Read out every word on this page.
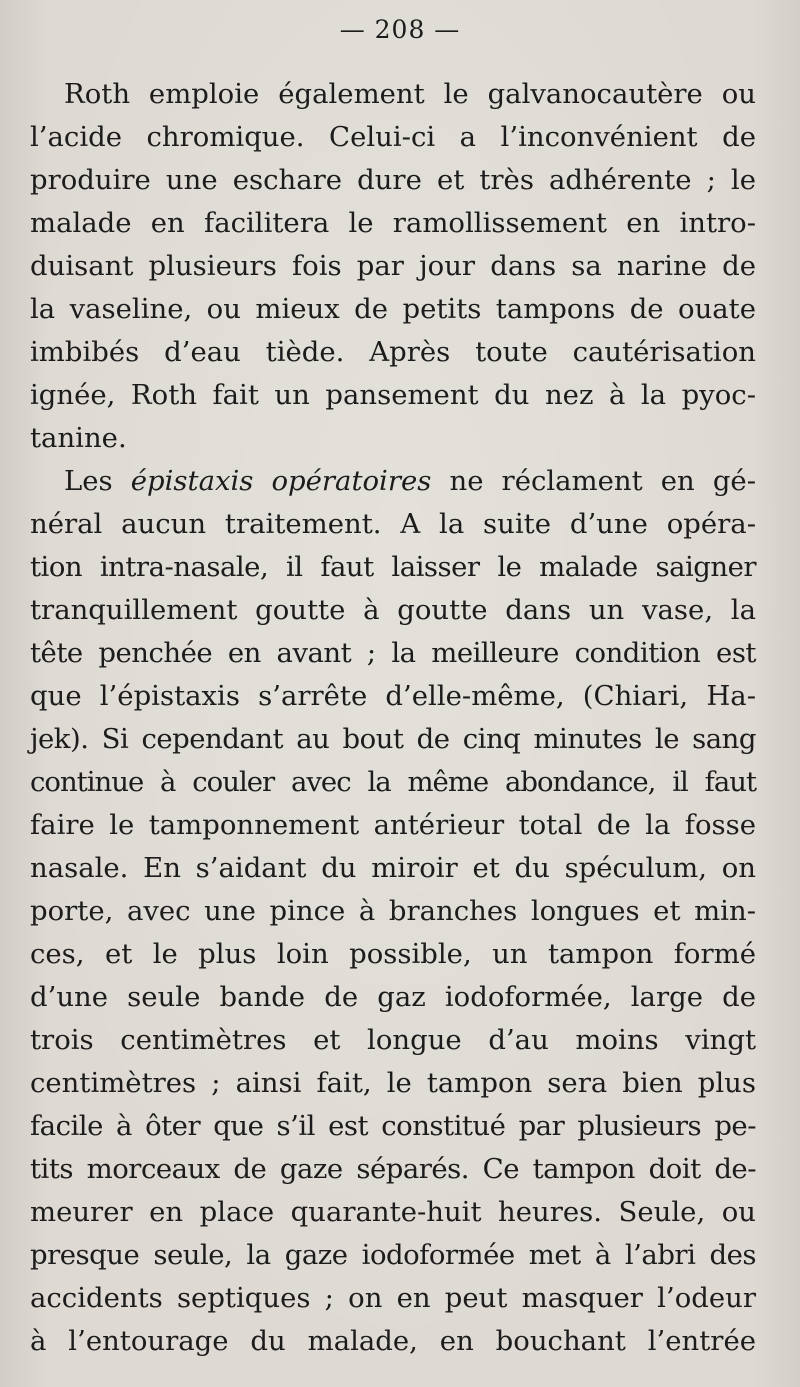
— 208 —
Roth emploie également le galvanocautère ou
l’acide chromique. Celui-ci a l’inconvénient de
produire une eschare dure et très adhérente ; le
malade en facilitera le ramollissement en intro-
duisant plusieurs fois par jour dans sa narine de
la vaseline, ou mieux de petits tampons de ouate
imbibés d’eau tiède. Après toute cautérisation
ignée, Roth fait un pansement du nez à la pyoc-
tanine.
Les épistaxis opératoires ne réclament en gé-
néral aucun traitement. A la suite d’une opéra-
tion intra-nasale, il faut laisser le malade saigner
tranquillement goutte à goutte dans un vase, la
tête penchée en avant ; la meilleure condition est
que l’épistaxis s’arrête d’elle-même, (Chiari, Ha-
jek). Si cependant au bout de cinq minutes le sang
continue à couler avec la même abondance, il faut
faire le tamponnement antérieur total de la fosse
nasale. En s’aidant du miroir et du spéculum, on
porte, avec une pince à branches longues et min-
ces, et le plus loin possible, un tampon formé
d’une seule bande de gaz iodoformée, large de
trois centimètres et longue d’au moins vingt
centimètres ; ainsi fait, le tampon sera bien plus
facile à ôter que s’il est constitué par plusieurs pe-
tits morceaux de gaze séparés. Ce tampon doit de-
meurer en place quarante-huit heures. Seule, ou
presque seule, la gaze iodoformée met à l’abri des
accidents septiques ; on en peut masquer l’odeur
à l’entourage du malade, en bouchant l’entrée
